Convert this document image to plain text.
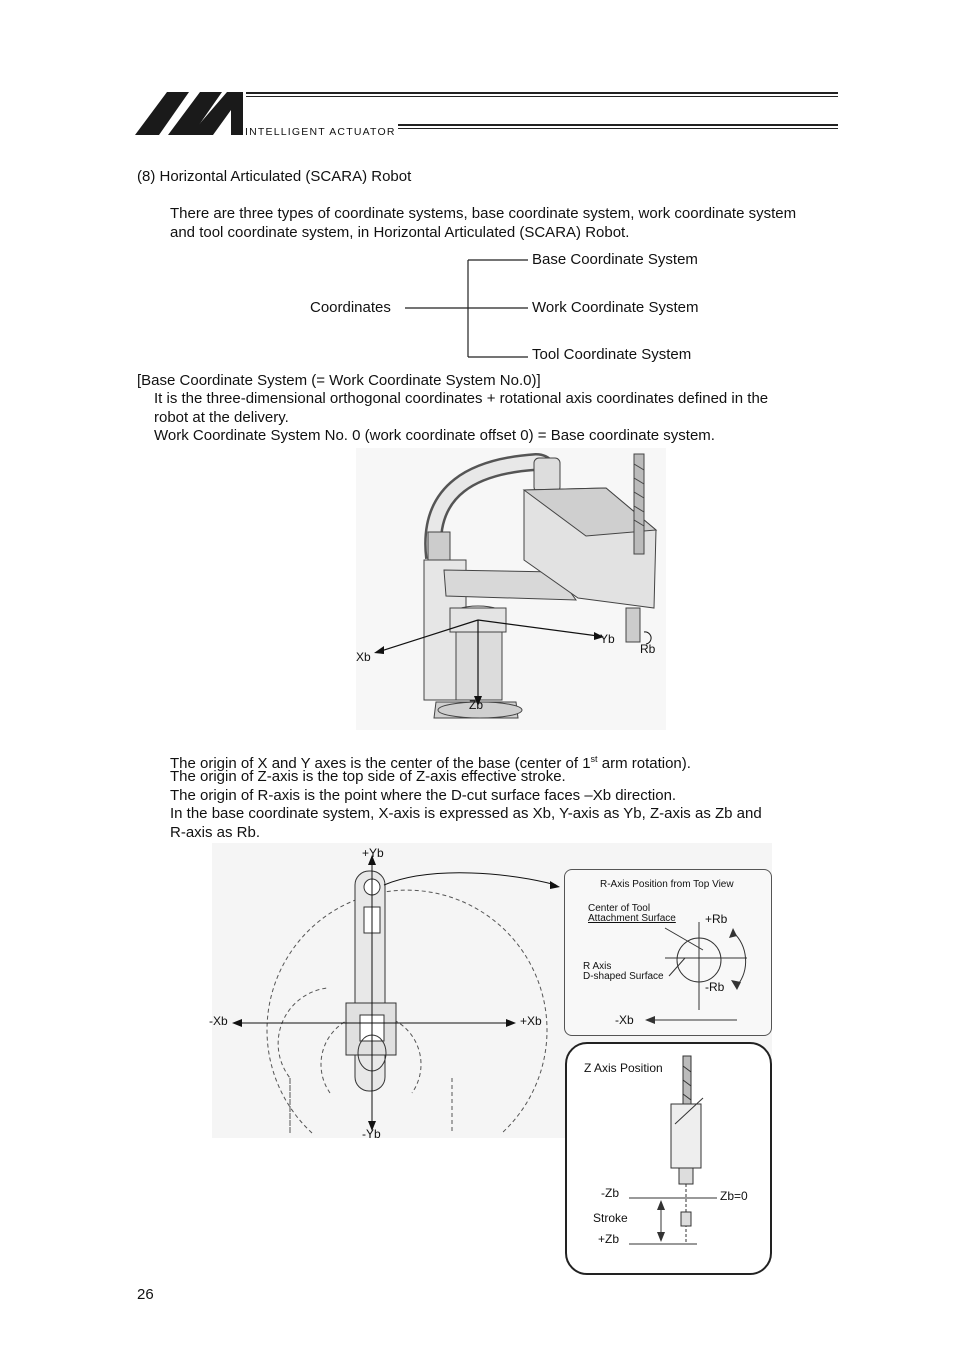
INTELLIGENT ACTUATOR
(8) Horizontal Articulated (SCARA) Robot
There are three types of coordinate systems, base coordinate system, work coordinate system
and tool coordinate system, in Horizontal Articulated (SCARA) Robot.
Coordinates
Base Coordinate System
Work Coordinate System
Tool Coordinate System
[Base Coordinate System (= Work Coordinate System No.0)]
It is the three-dimensional orthogonal coordinates + rotational axis coordinates defined in the
robot at the delivery.
Work Coordinate System No. 0 (work coordinate offset 0) = Base coordinate system.
Xb
Yb
Rb
Zb
The origin of X and Y axes is the center of the base (center of 1st arm rotation).
The origin of Z-axis is the top side of Z-axis effective stroke.
The origin of R-axis is the point where the D-cut surface faces –Xb direction.
In the base coordinate system, X-axis is expressed as Xb, Y-axis as Yb, Z-axis as Zb and
R-axis as Rb.
+Yb
-Yb
-Xb	+Xb
R-Axis Position from Top View
Center of Tool
Attachment Surface +Rb
R Axis
D-shaped Surface
-Rb
-Xb
Z Axis Position
-Zb	Zb=0
Stroke
+Zb
26
